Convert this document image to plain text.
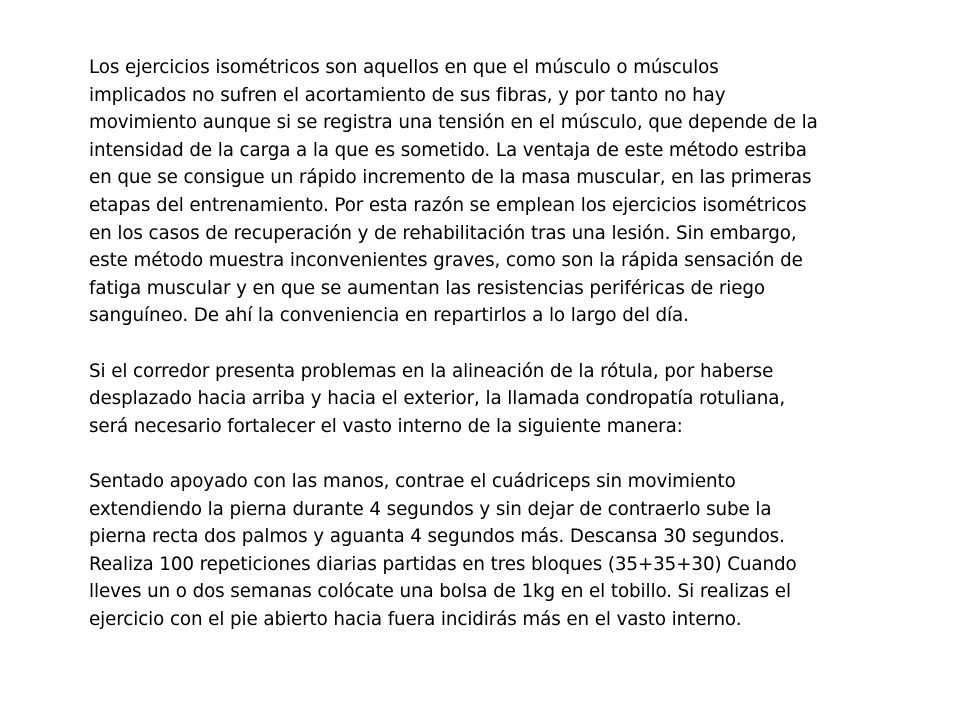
Los ejercicios isométricos son aquellos en que el músculo o músculos
implicados no sufren el acortamiento de sus fibras, y por tanto no hay
movimiento aunque si se registra una tensión en el músculo, que depende de la
intensidad de la carga a la que es sometido. La ventaja de este método estriba
en que se consigue un rápido incremento de la masa muscular, en las primeras
etapas del entrenamiento. Por esta razón se emplean los ejercicios isométricos
en los casos de recuperación y de rehabilitación tras una lesión. Sin embargo,
este método muestra inconvenientes graves, como son la rápida sensación de
fatiga muscular y en que se aumentan las resistencias periféricas de riego
sanguíneo. De ahí la conveniencia en repartirlos a lo largo del día.
Si el corredor presenta problemas en la alineación de la rótula, por haberse
desplazado hacia arriba y hacia el exterior, la llamada condropatía rotuliana,
será necesario fortalecer el vasto interno de la siguiente manera:
Sentado apoyado con las manos, contrae el cuádriceps sin movimiento
extendiendo la pierna durante 4 segundos y sin dejar de contraerlo sube la
pierna recta dos palmos y aguanta 4 segundos más. Descansa 30 segundos.
Realiza 100 repeticiones diarias partidas en tres bloques (35+35+30) Cuando
lleves un o dos semanas colócate una bolsa de 1kg en el tobillo. Si realizas el
ejercicio con el pie abierto hacia fuera incidirás más en el vasto interno.
